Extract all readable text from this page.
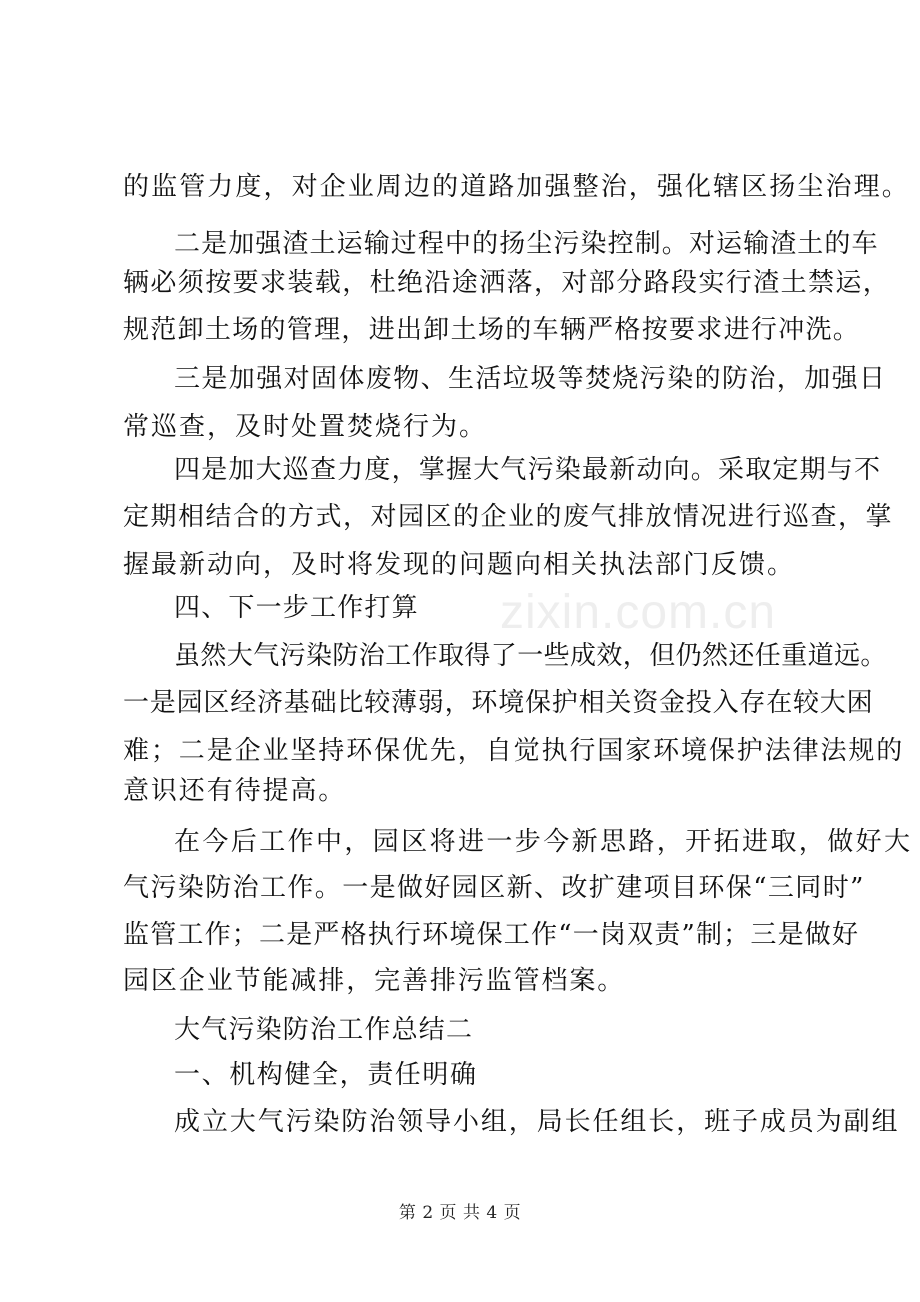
的监管力度，对企业周边的道路加强整治，强化辖区扬尘治理。
二是加强渣土运输过程中的扬尘污染控制。对运输渣土的车
辆必须按要求装载，杜绝沿途洒落，对部分路段实行渣土禁运，
规范卸土场的管理，进出卸土场的车辆严格按要求进行冲洗。
三是加强对固体废物、生活垃圾等焚烧污染的防治，加强日
常巡查，及时处置焚烧行为。
四是加大巡查力度，掌握大气污染最新动向。采取定期与不
定期相结合的方式，对园区的企业的废气排放情况进行巡查，掌
握最新动向，及时将发现的问题向相关执法部门反馈。
四、下一步工作打算
虽然大气污染防治工作取得了一些成效，但仍然还任重道远。
一是园区经济基础比较薄弱，环境保护相关资金投入存在较大困
难；二是企业坚持环保优先，自觉执行国家环境保护法律法规的
意识还有待提高。
在今后工作中，园区将进一步今新思路，开拓进取，做好大
气污染防治工作。一是做好园区新、改扩建项目环保“三同时”
监管工作；二是严格执行环境保工作“一岗双责”制；三是做好
园区企业节能减排，完善排污监管档案。
大气污染防治工作总结二
一、机构健全，责任明确
成立大气污染防治领导小组，局长任组长，班子成员为副组
zixin.com.cn
第 2 页 共 4 页
